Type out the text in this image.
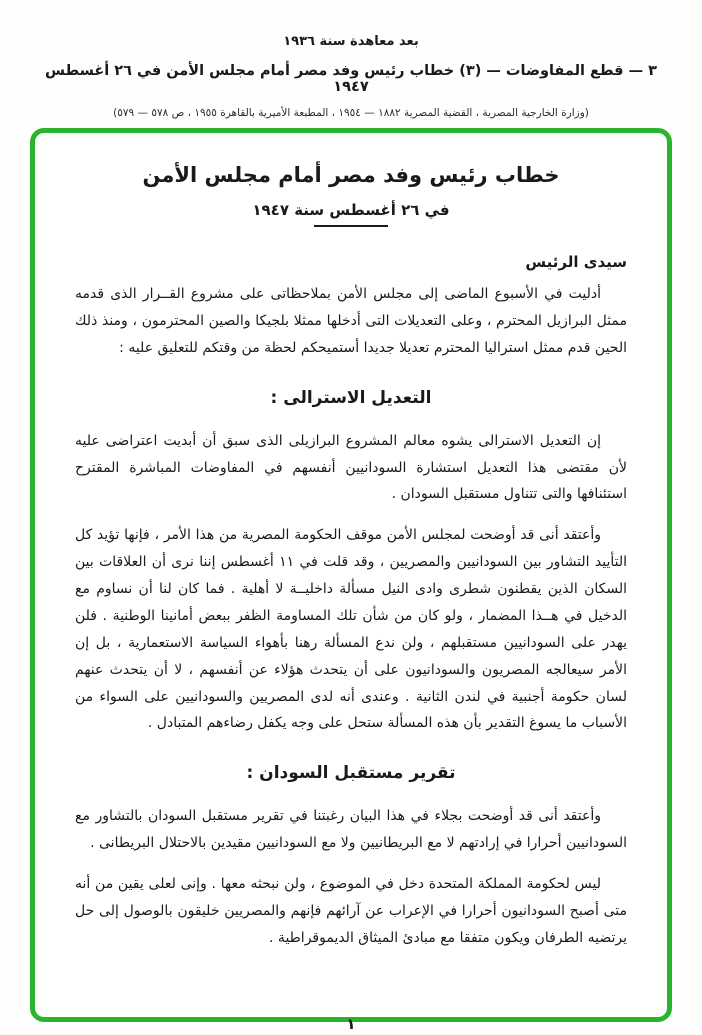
بعد معاهدة سنة ١٩٣٦
٣ — قطع المفاوضات — (٣) خطاب رئيس وفد مصر أمام مجلس الأمن في ٢٦ أغسطس ١٩٤٧
(وزارة الخارجية المصرية ، القضية المصرية ١٨٨٢ — ١٩٥٤ ، المطبعة الأميرية بالقاهرة ١٩٥٥ ، ص ٥٧٨ — ٥٧٩)
خطاب رئيس وفد مصر أمام مجلس الأمن
في ٢٦ أغسطس سنة ١٩٤٧
سيدى الرئيس
أدليت في الأسبوع الماضى إلى مجلس الأمن بملاحظاتى على مشروع القــرار الذى قدمه ممثل البرازيل المحترم ، وعلى التعديلات التى أدخلها ممثلا بلجيكا والصين المحترمون ، ومنذ ذلك الحين قدم ممثل استراليا المحترم تعديلا جديدا أستميحكم لحظة من وقتكم للتعليق عليه :
التعديل الاسترالى :
إن التعديل الاسترالى يشوه معالم المشروع البرازيلى الذى سبق أن أبديت اعتراضى عليه لأن مقتضى هذا التعديل استشارة السودانيين أنفسهم في المفاوضات المباشرة المقترح استئنافها والتى تتناول مستقبل السودان .
وأعتقد أنى قد أوضحت لمجلس الأمن موقف الحكومة المصرية من هذا الأمر ، فإنها تؤيد كل التأييد التشاور بين السودانيين والمصريين ، وقد قلت في ١١ أغسطس إننا نرى أن العلاقات بين السكان الذين يقطنون شطرى وادى النيل مسألة داخليــة لا أهلية . فما كان لنا أن نساوم مع الدخيل في هــذا المضمار ، ولو كان من شأن تلك المساومة الظفر ببعض أمانينا الوطنية . فلن يهدر على السودانيين مستقبلهم ، ولن ندع المسألة رهنا بأهواء السياسة الاستعمارية ، بل إن الأمر سيعالجه المصريون والسودانيون على أن يتحدث هؤلاء عن أنفسهم ، لا أن يتحدث عنهم لسان حكومة أجنبية في لندن الثانية . وعندى أنه لدى المصريين والسودانيين على السواء من الأسباب ما يسوغ التقدير بأن هذه المسألة ستحل على وجه يكفل رضاءهم المتبادل .
تقرير مستقبل السودان :
وأعتقد أنى قد أوضحت بجلاء في هذا البيان رغبتنا في تقرير مستقبل السودان بالتشاور مع السودانيين أحرارا في إرادتهم لا مع البريطانيين ولا مع السودانيين مقيدين بالاحتلال البريطانى .
ليس لحكومة المملكة المتحدة دخل في الموضوع ، ولن نبحثه معها . وإنى لعلى يقين من أنه متى أصبح السودانيون أحرارا في الإعراب عن آرائهم فإنهم والمصريين خليقون بالوصول إلى حل يرتضيه الطرفان ويكون متفقا مع مبادئ الميثاق الديموقراطية .
١
